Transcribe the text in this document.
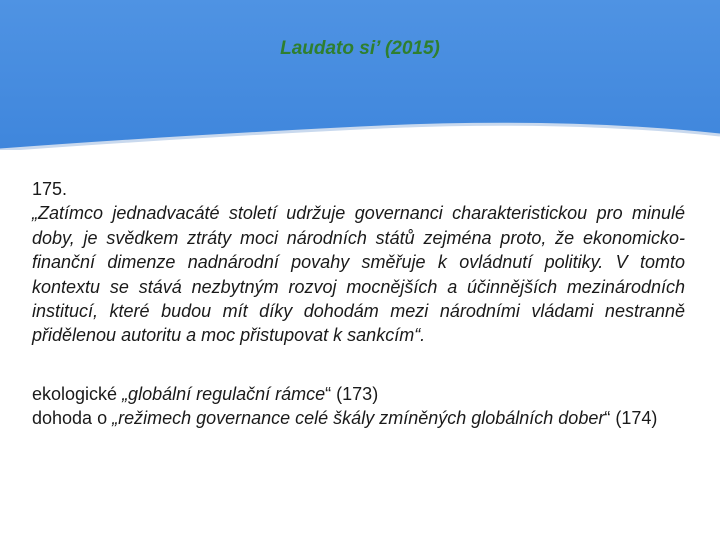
Laudato si’ (2015)

175.

„Zatímco jednadvacáté století udržuje governanci charakteristickou pro minulé doby, je svědkem ztráty moci národních států zejména proto, že ekonomicko-finanční dimenze nadnárodní povahy směřuje k ovládnutí politiky. V tomto kontextu se stává nezbytným rozvoj mocnějších a účinnějších mezinárodních institucí, které budou mít díky dohodám mezi národními vládami nestranně přidělenou autoritu a moc přistupovat k sankcím“.

ekologické „globální regulační rámce“ (173)

dohoda o „režimech governance celé škály zmíněných globálních dober“ (174)
